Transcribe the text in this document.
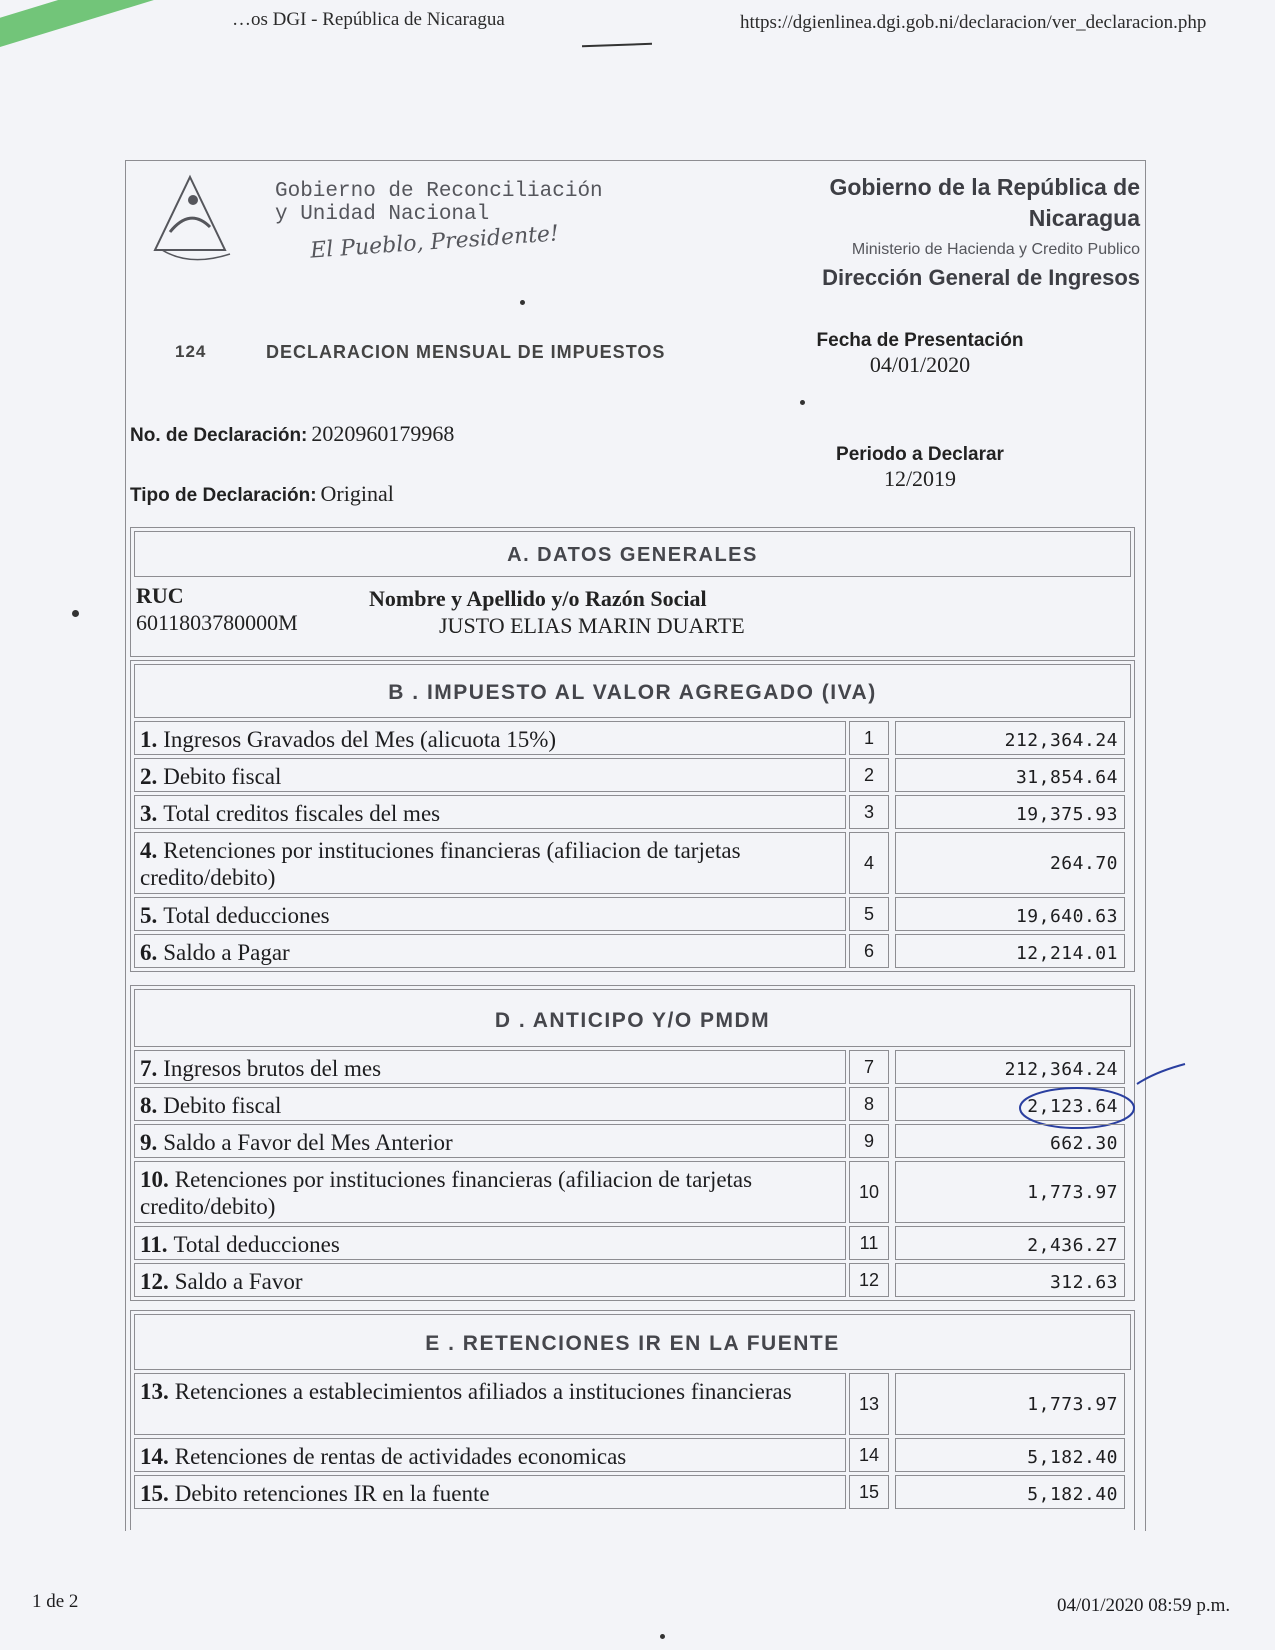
…os DGI - República de Nicaragua	https://dgienlinea.dgi.gob.ni/declaracion/ver_declaracion.php
Gobierno de Reconciliación
y Unidad Nacional
El Pueblo, Presidente!
Gobierno de la República de
Nicaragua
Ministerio de Hacienda y Credito Publico
Dirección General de Ingresos
124	DECLARACION MENSUAL DE IMPUESTOS
Fecha de Presentación
04/01/2020
No. de Declaración: 2020960179968
Periodo a Declarar
12/2019
Tipo de Declaración: Original
A. DATOS GENERALES
RUC
6011803780000M
Nombre y Apellido y/o Razón Social
JUSTO ELIAS MARIN DUARTE
B . IMPUESTO AL VALOR AGREGADO (IVA)
1. Ingresos Gravados del Mes (alicuota 15%)	1	212,364.24
2. Debito fiscal	2	31,854.64
3. Total creditos fiscales del mes	3	19,375.93
4. Retenciones por instituciones financieras (afiliacion de tarjetas credito/debito)
4	264.70
5. Total deducciones	5	19,640.63
6. Saldo a Pagar	6	12,214.01
D . ANTICIPO Y/O PMDM
7. Ingresos brutos del mes	7	212,364.24
8. Debito fiscal	8	2,123.64
9. Saldo a Favor del Mes Anterior	9	662.30
10. Retenciones por instituciones financieras (afiliacion de tarjetas credito/debito)
10	1,773.97
11. Total deducciones	11	2,436.27
12. Saldo a Favor	12	312.63
E . RETENCIONES IR EN LA FUENTE
13. Retenciones a establecimientos afiliados a instituciones financieras	13	1,773.97
14. Retenciones de rentas de actividades economicas	14	5,182.40
15. Debito retenciones IR en la fuente	15	5,182.40
1 de 2	04/01/2020 08:59 p.m.
